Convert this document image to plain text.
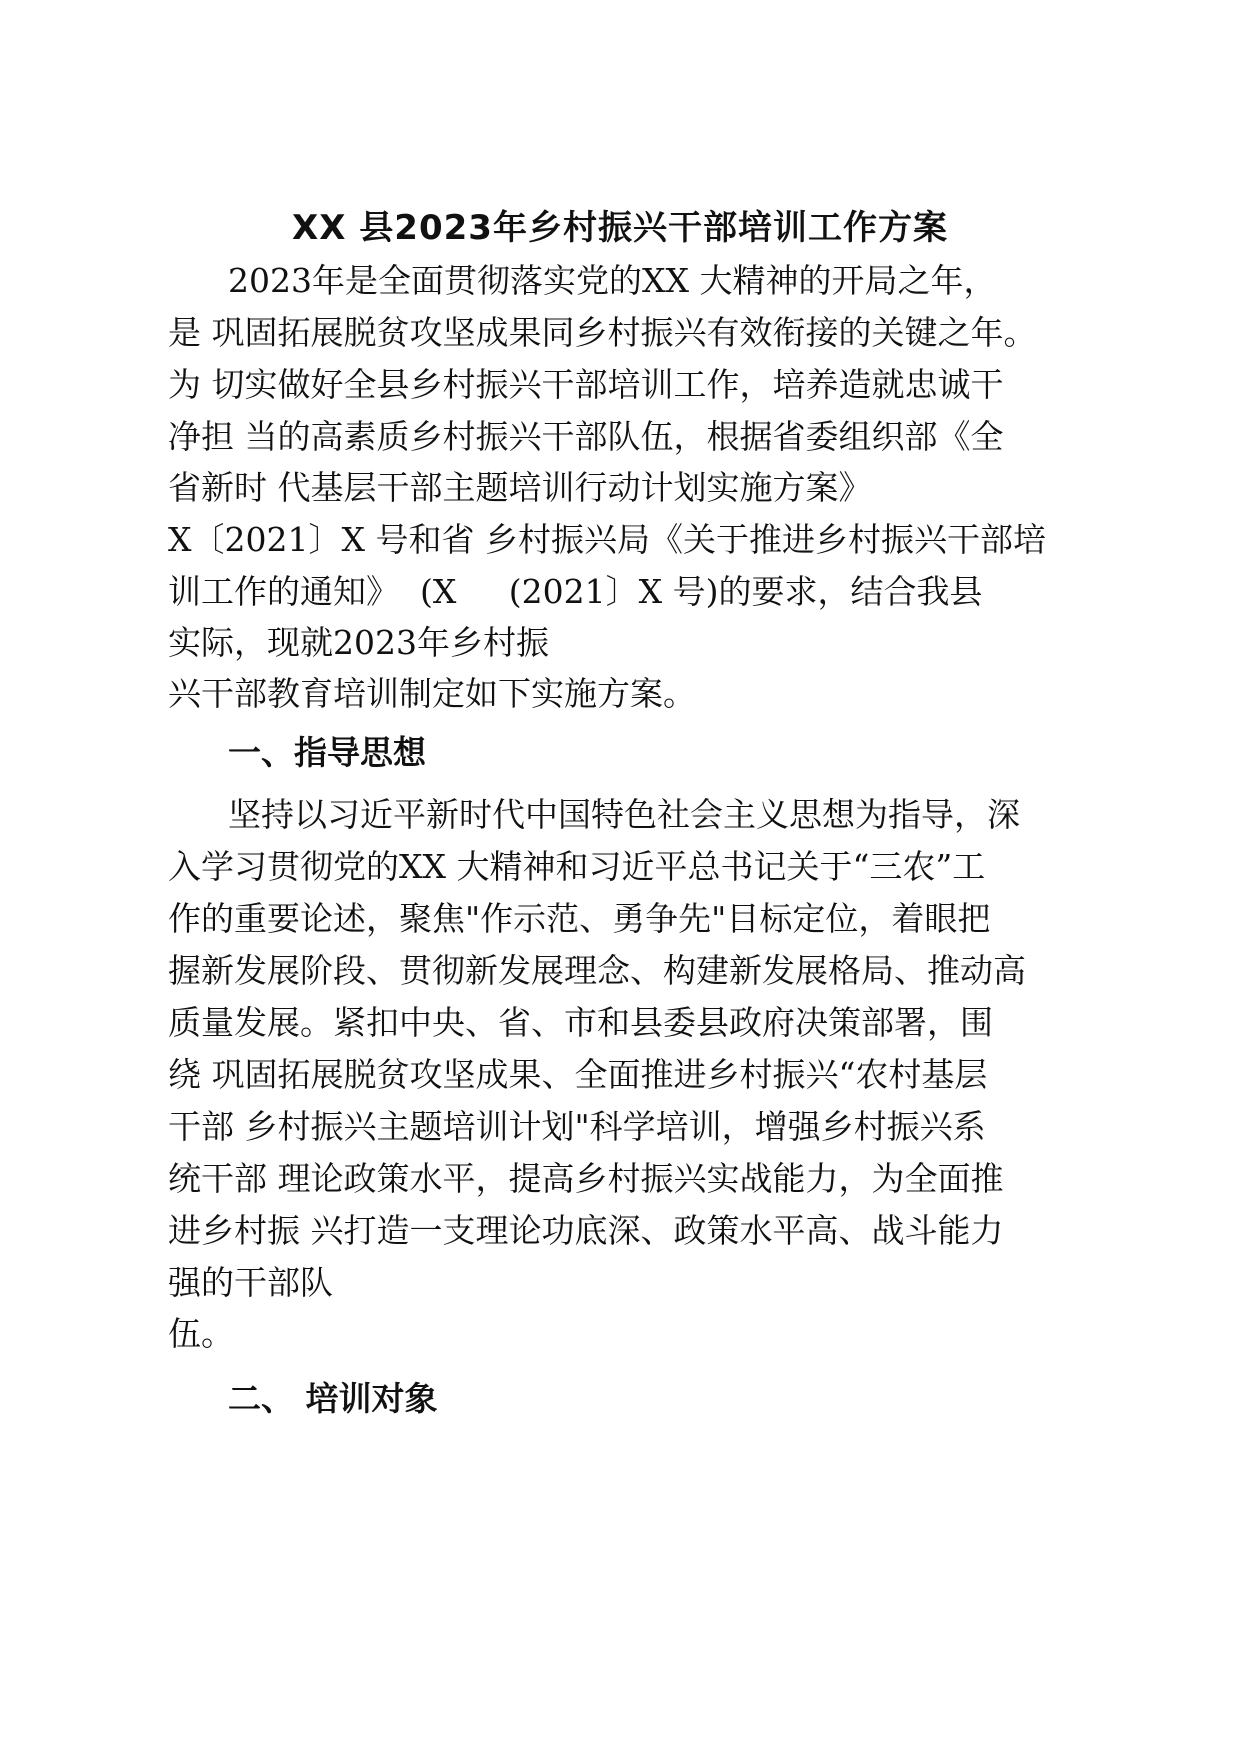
XX 县2023年乡村振兴干部培训工作方案
2023年是全面贯彻落实党的XX 大精神的开局之年，
是 巩固拓展脱贫攻坚成果同乡村振兴有效衔接的关键之年。
为 切实做好全县乡村振兴干部培训工作，培养造就忠诚干
净担 当的高素质乡村振兴干部队伍，根据省委组织部《全
省新时 代基层干部主题培训行动计划实施方案》
X〔2021〕X 号和省 乡村振兴局《关于推进乡村振兴干部培
训工作的通知》  (X     (2021〕X 号)的要求，结合我县
实际，现就2023年乡村振
兴干部教育培训制定如下实施方案。
一、指导思想
坚持以习近平新时代中国特色社会主义思想为指导，深
入学习贯彻党的XX 大精神和习近平总书记关于“三农”工
作的重要论述，聚焦"作示范、勇争先"目标定位，着眼把
握新发展阶段、贯彻新发展理念、构建新发展格局、推动高
质量发展。紧扣中央、省、市和县委县政府决策部署，围
绕 巩固拓展脱贫攻坚成果、全面推进乡村振兴“农村基层
干部 乡村振兴主题培训计划"科学培训，增强乡村振兴系
统干部 理论政策水平，提高乡村振兴实战能力，为全面推
进乡村振 兴打造一支理论功底深、政策水平高、战斗能力
强的干部队
伍。
二、 培训对象
